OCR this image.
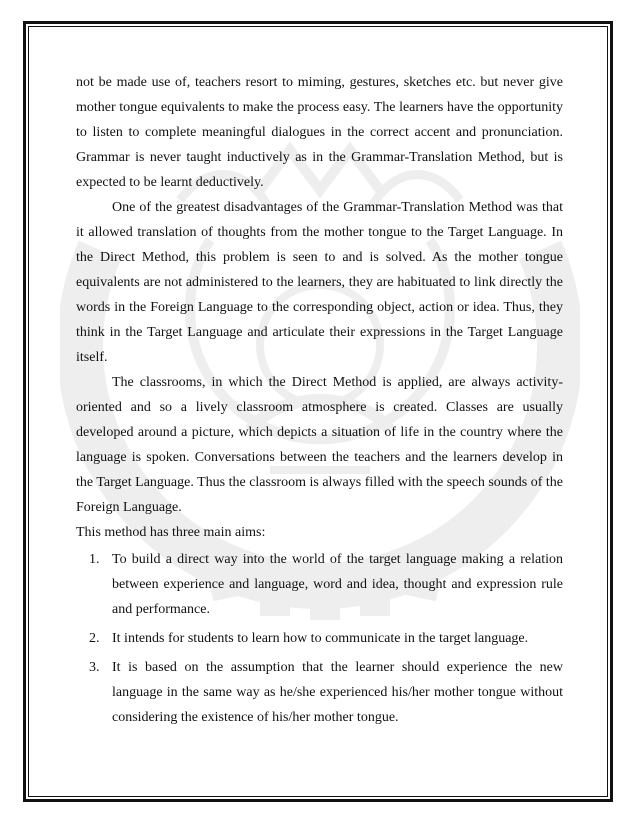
not be made use of, teachers resort to miming, gestures, sketches etc. but never give mother tongue equivalents to make the process easy. The learners have the opportunity to listen to complete meaningful dialogues in the correct accent and pronunciation. Grammar is never taught inductively as in the Grammar-Translation Method, but is expected to be learnt deductively.

One of the greatest disadvantages of the Grammar-Translation Method was that it allowed translation of thoughts from the mother tongue to the Target Language. In the Direct Method, this problem is seen to and is solved. As the mother tongue equivalents are not administered to the learners, they are habituated to link directly the words in the Foreign Language to the corresponding object, action or idea. Thus, they think in the Target Language and articulate their expressions in the Target Language itself.

The classrooms, in which the Direct Method is applied, are always activity-oriented and so a lively classroom atmosphere is created. Classes are usually developed around a picture, which depicts a situation of life in the country where the language is spoken. Conversations between the teachers and the learners develop in the Target Language. Thus the classroom is always filled with the speech sounds of the Foreign Language.

This method has three main aims:

1. To build a direct way into the world of the target language making a relation between experience and language, word and idea, thought and expression rule and performance.
2. It intends for students to learn how to communicate in the target language.
3. It is based on the assumption that the learner should experience the new language in the same way as he/she experienced his/her mother tongue without considering the existence of his/her mother tongue.
